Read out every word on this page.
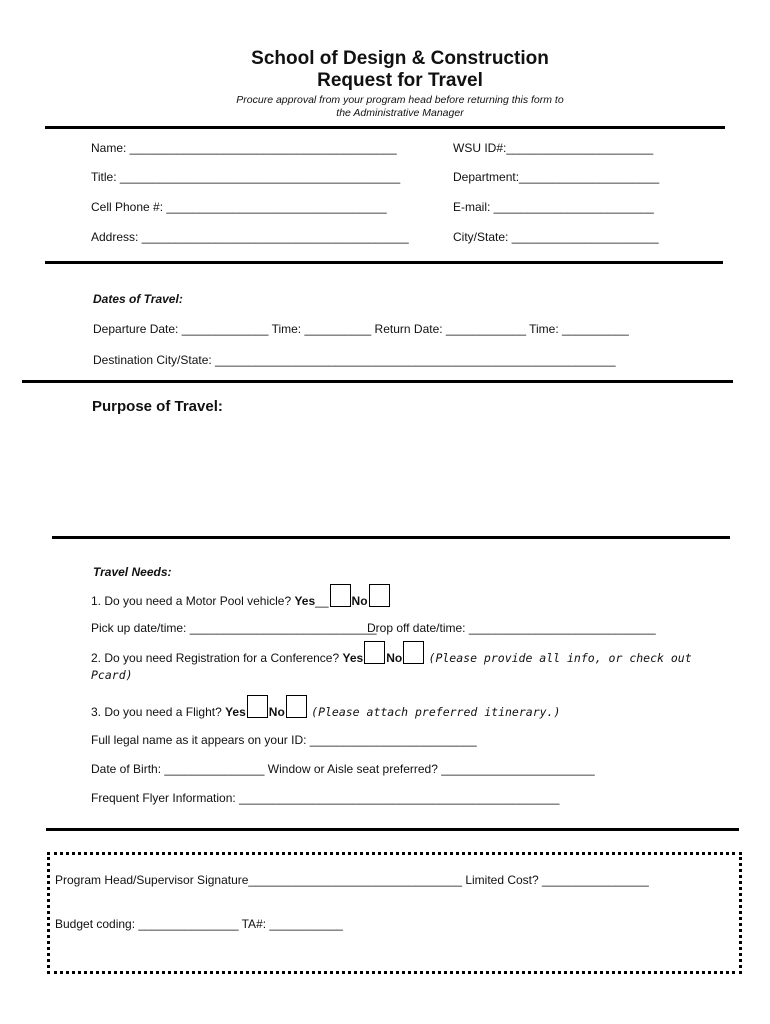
School of Design & Construction
Request for Travel
Procure approval from your program head before returning this form to
the Administrative Manager
Name: ________________________________________	WSU ID#:______________________
Title: __________________________________________	Department:_____________________
Cell Phone #: _________________________________	E-mail: ________________________
Address: ________________________________________	City/State: ______________________
Dates of Travel:
Departure Date: _____________ Time: __________ Return Date: ____________ Time: __________
Destination City/State: ____________________________________________________________
Purpose of Travel:
Travel Needs:
1. Do you need a Motor Pool vehicle? Yes__ No
Pick up date/time: ____________________________
Drop off date/time: ____________________________
2. Do you need Registration for a Conference? Yes No (Please provide all info, or check out
Pcard)
3. Do you need a Flight? Yes No (Please attach preferred itinerary.)
Full legal name as it appears on your ID: _________________________
Date of Birth: _______________ Window or Aisle seat preferred? _______________________
Frequent Flyer Information: ________________________________________________
Program Head/Supervisor Signature________________________________ Limited Cost? ________________
Budget coding: _______________ TA#: ___________
